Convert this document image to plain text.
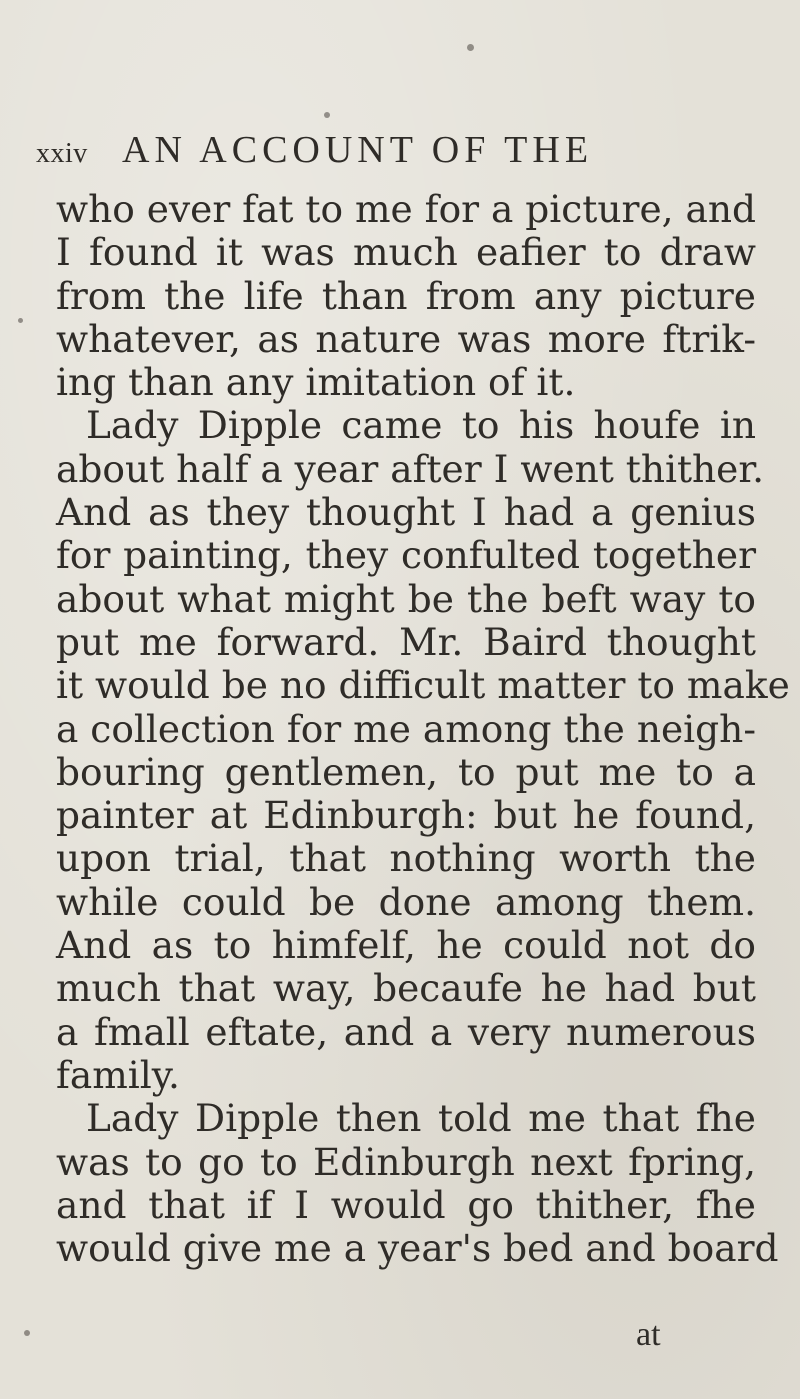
xxiv AN ACCOUNT OF THE
who ever fat to me for a picture, and
I found it was much eafier to draw
from the life than from any picture
whatever, as nature was more ftrik-
ing than any imitation of it.
Lady Dipple came to his houfe in
about half a year after I went thither.
And as they thought I had a genius
for painting, they confulted together
about what might be the beft way to
put me forward. Mr. Baird thought
it would be no difficult matter to make
a collection for me among the neigh-
bouring gentlemen, to put me to a
painter at Edinburgh: but he found,
upon trial, that nothing worth the
while could be done among them.
And as to himfelf, he could not do
much that way, becaufe he had but
a fmall eftate, and a very numerous
family.
Lady Dipple then told me that fhe
was to go to Edinburgh next fpring,
and that if I would go thither, fhe
would give me a year's bed and board
at
